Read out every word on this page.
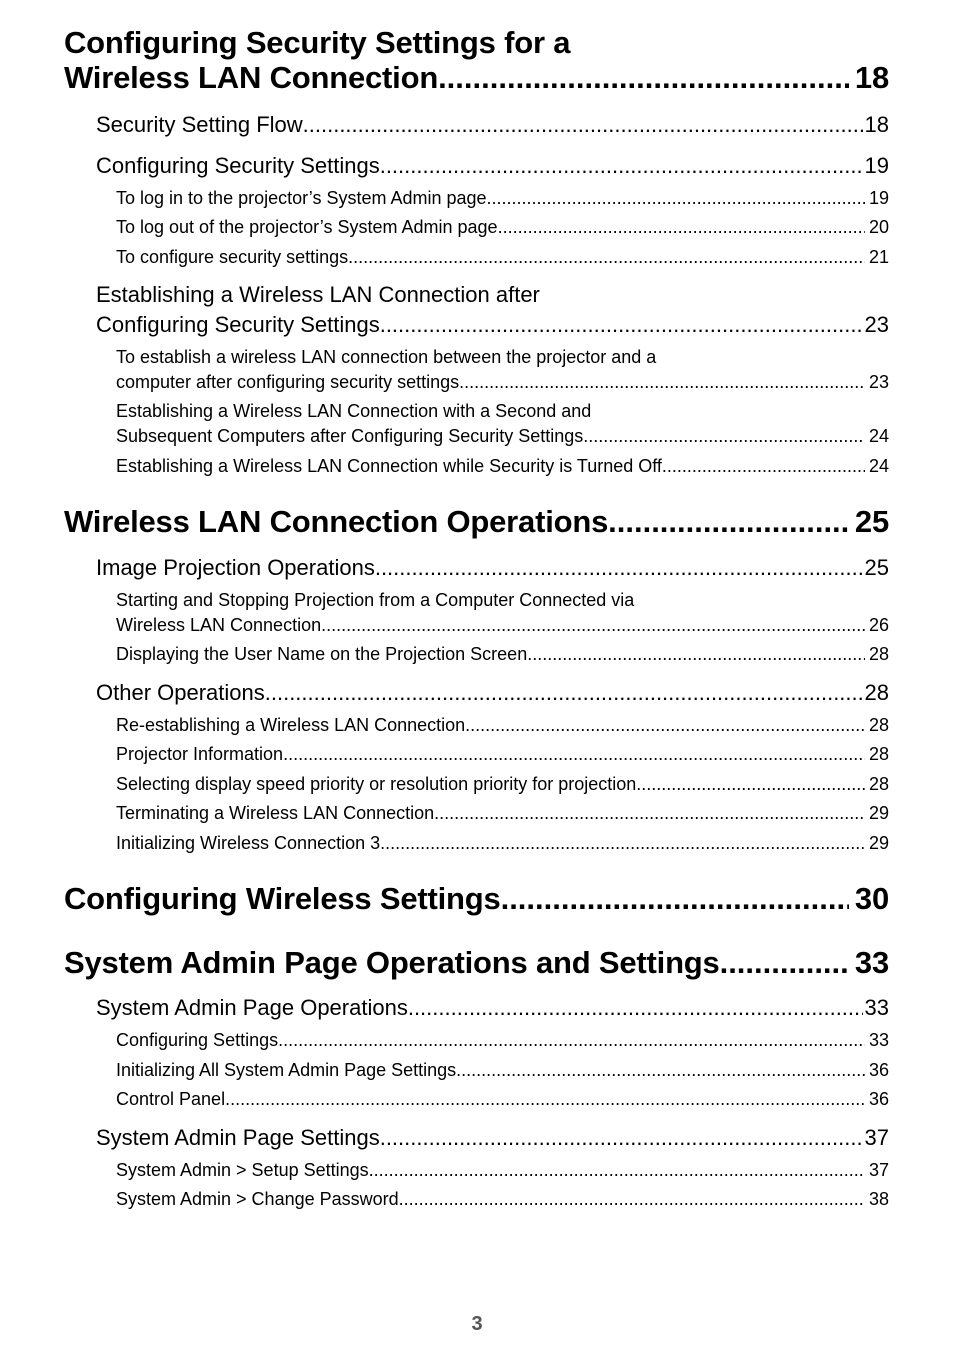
Configuring Security Settings for a
Wireless LAN Connection .....	18
Security Setting Flow .....	18
Configuring Security Settings .....	19
To log in to the projector’s System Admin page .....	19
To log out of the projector’s System Admin page .....	20
To configure security settings .....	21
Establishing a Wireless LAN Connection after
Configuring Security Settings .....	23
To establish a wireless LAN connection between the projector and a
computer after configuring security settings .....	23
Establishing a Wireless LAN Connection with a Second and
Subsequent Computers after Configuring Security Settings .....	24
Establishing a Wireless LAN Connection while Security is Turned Off .....	24
Wireless LAN Connection Operations .....	25
Image Projection Operations .....	25
Starting and Stopping Projection from a Computer Connected via
Wireless LAN Connection .....	26
Displaying the User Name on the Projection Screen .....	28
Other Operations .....	28
Re-establishing a Wireless LAN Connection .....	28
Projector Information .....	28
Selecting display speed priority or resolution priority for projection .....	28
Terminating a Wireless LAN Connection .....	29
Initializing Wireless Connection 3 .....	29
Configuring Wireless Settings .....	30
System Admin Page Operations and Settings .....	33
System Admin Page Operations .....	33
Configuring Settings .....	33
Initializing All System Admin Page Settings .....	36
Control Panel .....	36
System Admin Page Settings .....	37
System Admin > Setup Settings .....	37
System Admin > Change Password .....	38
3
